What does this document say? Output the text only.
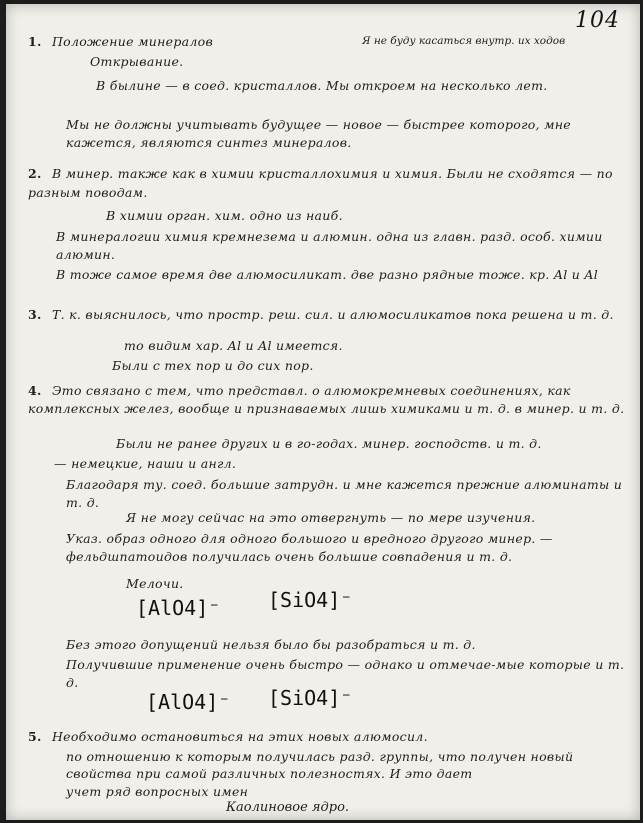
104
Я не буду касаться внутр. их ходов
1. Положение минералов
Открывание.
В былине — в соед. кристаллов. Мы откроем на несколько лет.
Мы не должны учитывать будущее — новое — быстрее которого, мне кажется, являются синтез минералов.
2. В минер. также как в химии кристаллохимия и химия. Были не сходятся — по разным поводам.
В химии орган. хим. одно из наиб.
В минералогии химия кремнезема и алюмин. одна из главн. разд. особ. химии алюмин.
В тоже самое время две алюмосиликат. две разно рядные тоже. кр. Al и Al
3. Т. к. выяснилось, что простр. реш. сил. и алюмосиликатов пока решена и т. д.
то видим хар. Al и Al имеется.
Были с тех пор и до сих пор.
4. Это связано с тем, что представл. о алюмокремневых соединениях, как комплексных желез, вообще и признаваемых лишь химиками и т. д. в минер. и т. д.
Были не ранее других и в го-годах. минер. господств. и т. д.
— немецкие, наши и англ.
Благодаря ту. соед. большие затрудн. и мне кажется прежние алюминаты и т. д.
Я не могу сейчас на это отвергнуть — по мере изучения.
Указ. образ одного для одного большого и вредного другого минер. — фельдшпатоидов получилась очень большие совпадения и т. д.
Мелочи.
[AlO4]⁻ [SiO4]⁻
Без этого допущений нельзя было бы разобраться и т. д.
Получившие применение очень быстро — однако и отмечае-мые которые и т. д.
[AlO4]⁻ [SiO4]⁻
5. Необходимо остановиться на этих новых алюмосил.
по отношению к которым получилась разд. группы, что получен новый свойства при самой различных полезностях. И это дает
учет ряд вопросных имен
Каолиновое ядро.
